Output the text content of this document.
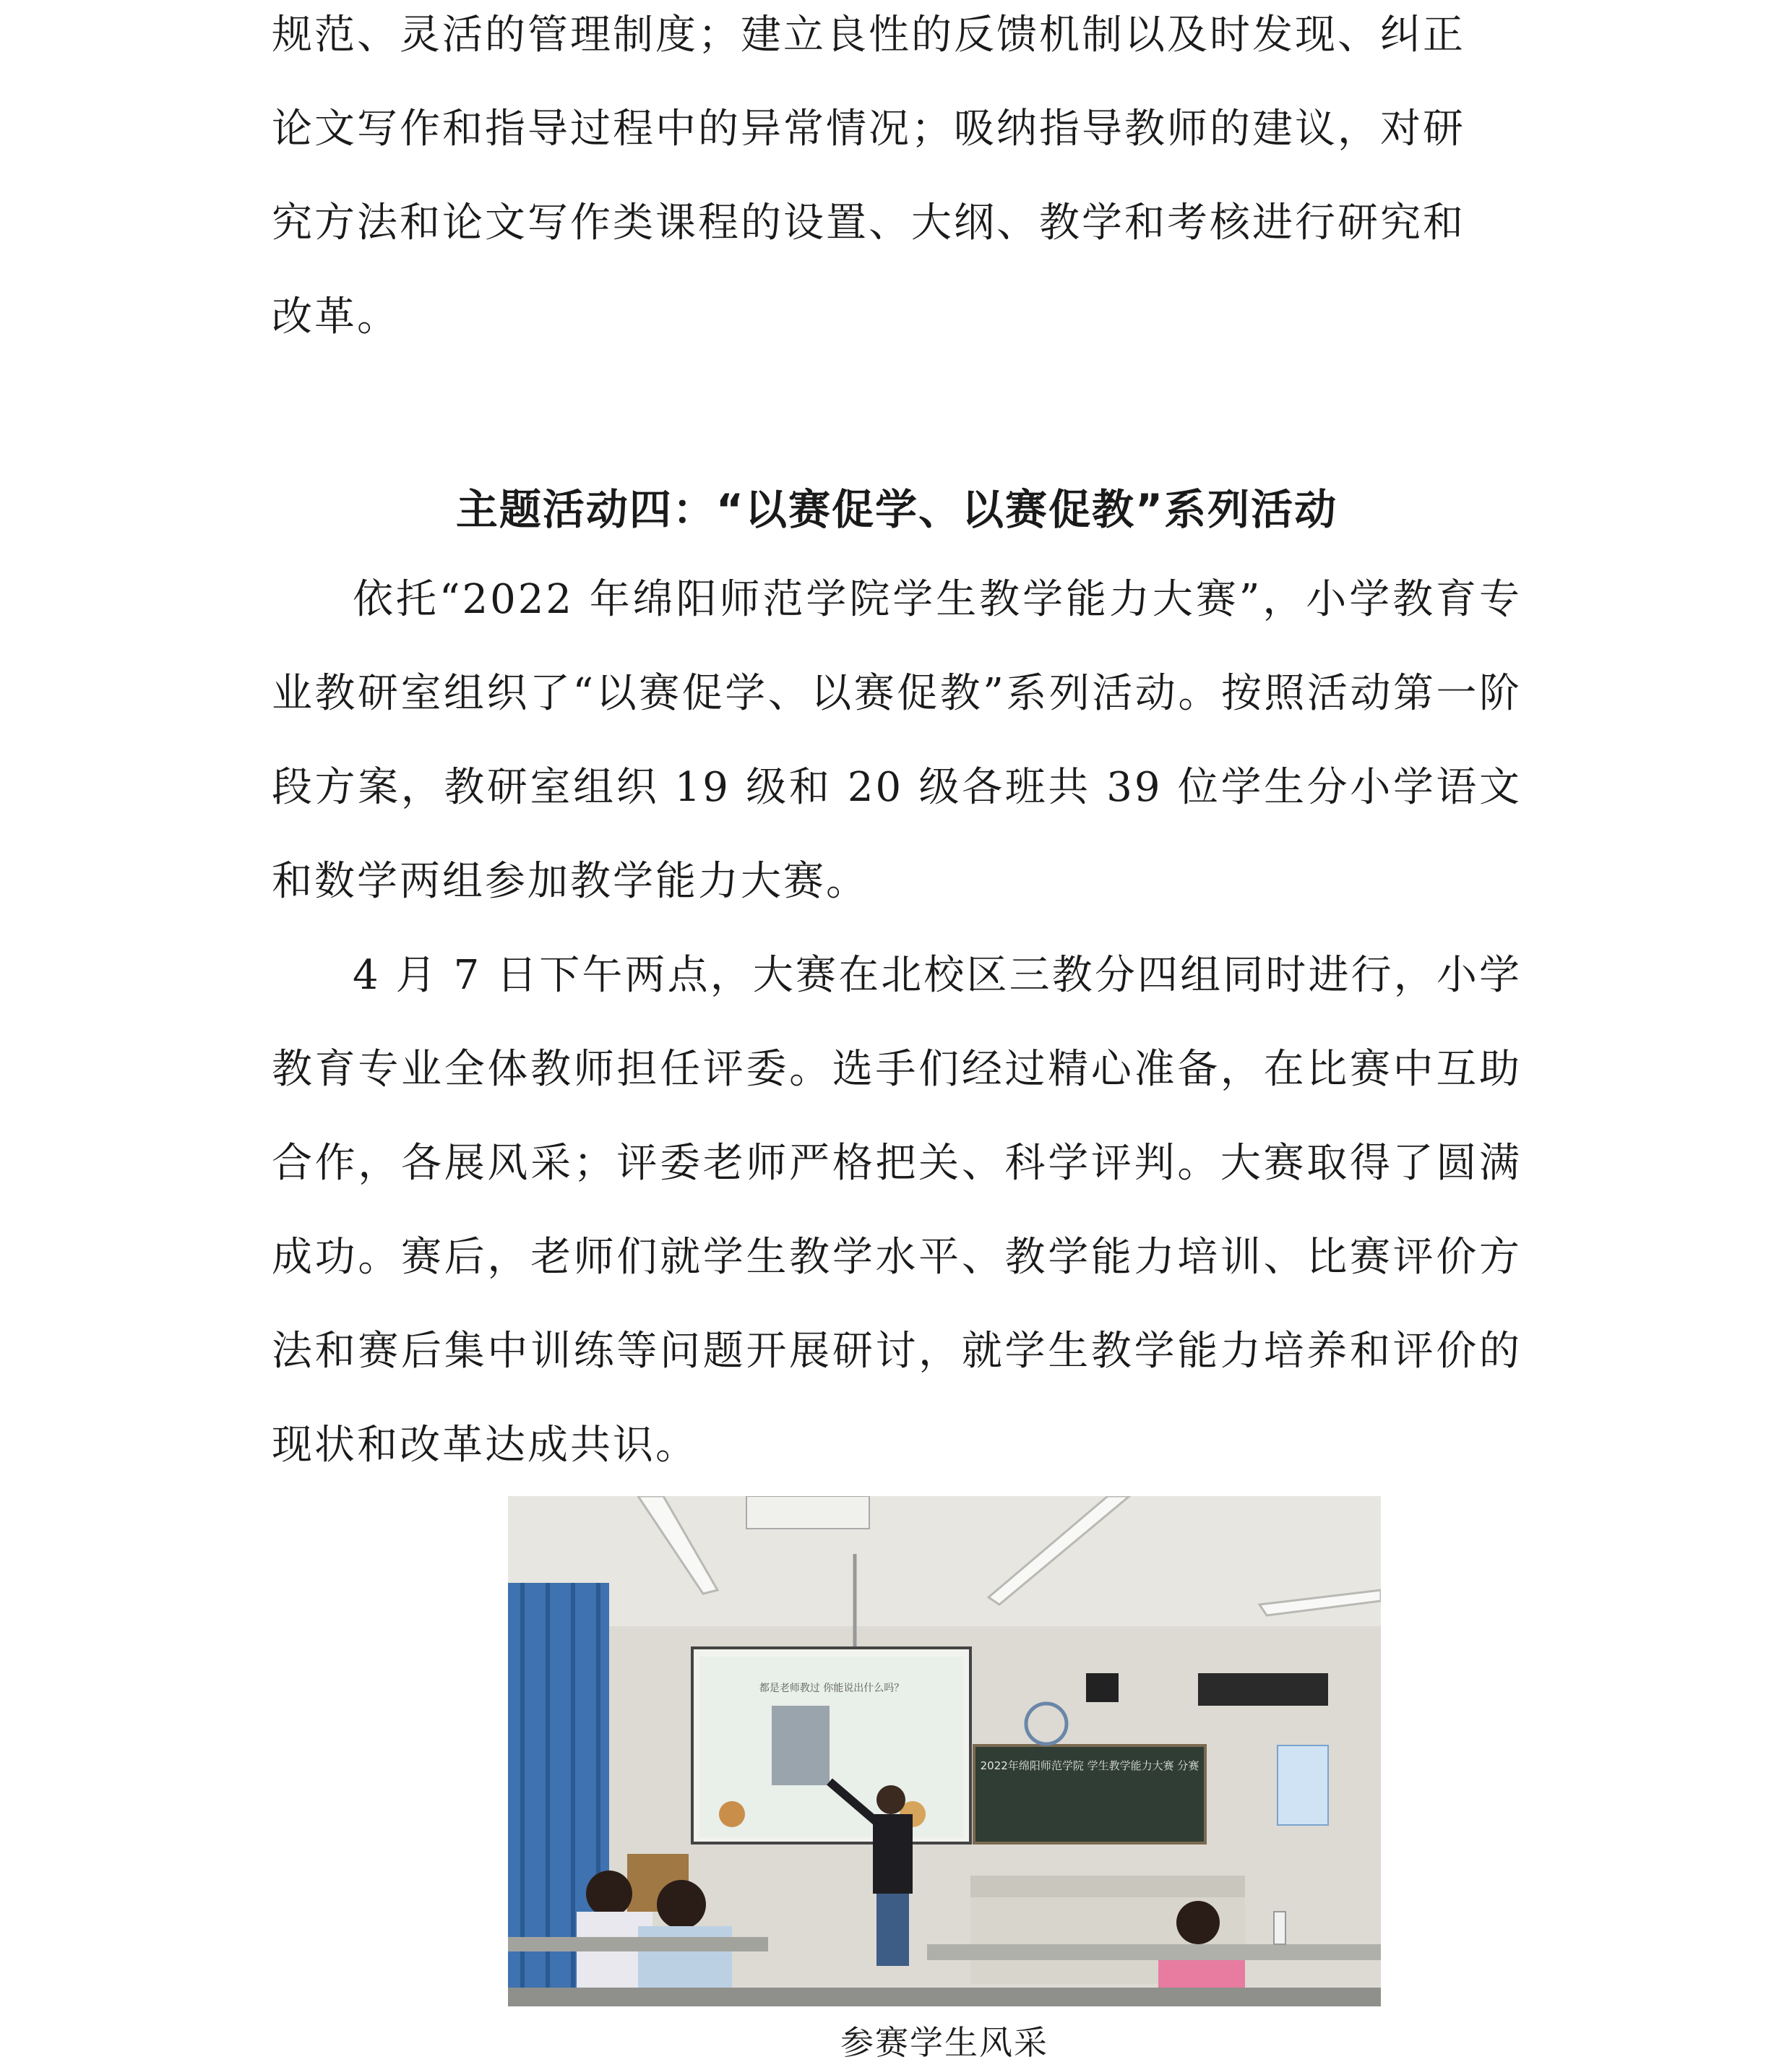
规范、灵活的管理制度；建立良性的反馈机制以及时发现、纠正

论文写作和指导过程中的异常情况；吸纳指导教师的建议，对研

究方法和论文写作类课程的设置、大纲、教学和考核进行研究和

改革。

主题活动四：“以赛促学、以赛促教”系列活动

依托“2022 年绵阳师范学院学生教学能力大赛”，小学教育专业教研室组织了“以赛促学、以赛促教”系列活动。按照活动第一阶段方案，教研室组织 19 级和 20 级各班共 39 位学生分小学语文和数学两组参加教学能力大赛。

4 月 7 日下午两点，大赛在北校区三教分四组同时进行，小学教育专业全体教师担任评委。选手们经过精心准备，在比赛中互助合作，各展风采；评委老师严格把关、科学评判。大赛取得了圆满成功。赛后，老师们就学生教学水平、教学能力培训、比赛评价方法和赛后集中训练等问题开展研讨，就学生教学能力培养和评价的现状和改革达成共识。

都是老师教过 你能说出什么吗？
2022年绵阳师范学院 学生教学能力大赛 分赛
参赛学生风采
